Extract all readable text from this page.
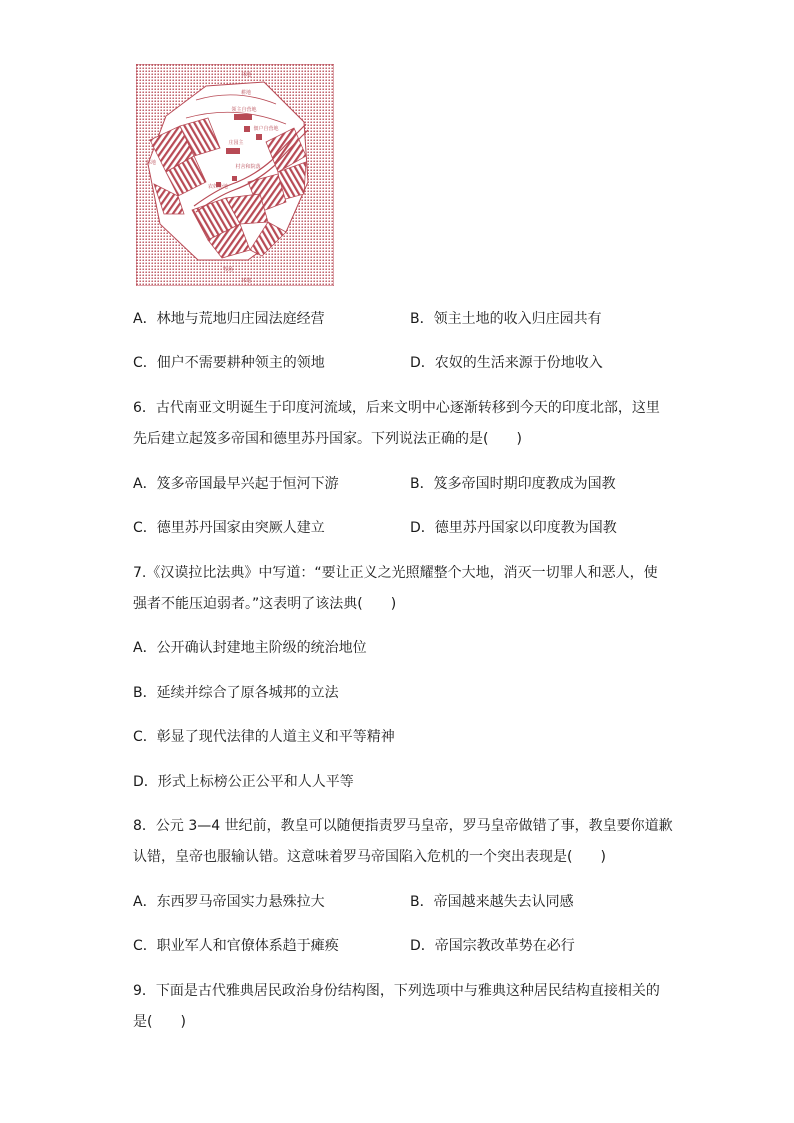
林地
耕地
领主自营地
佃户自营地
庄园主
村舍和院落
林地
农奴份地
牧场
林地
A．林地与荒地归庄园法庭经营	B．领主土地的收入归庄园共有
C．佃户不需要耕种领主的领地	D．农奴的生活来源于份地收入
6．古代南亚文明诞生于印度河流域，后来文明中心逐渐转移到今天的印度北部，这里
先后建立起笈多帝国和德里苏丹国家。下列说法正确的是(　　)
A．笈多帝国最早兴起于恒河下游	B．笈多帝国时期印度教成为国教
C．德里苏丹国家由突厥人建立	D．德里苏丹国家以印度教为国教
7.《汉谟拉比法典》中写道：“要让正义之光照耀整个大地，消灭一切罪人和恶人，使
强者不能压迫弱者。”这表明了该法典(　　)
A．公开确认封建地主阶级的统治地位
B．延续并综合了原各城邦的立法
C．彰显了现代法律的人道主义和平等精神
D．形式上标榜公正公平和人人平等
8．公元 3—4 世纪前，教皇可以随便指责罗马皇帝，罗马皇帝做错了事，教皇要你道歉
认错，皇帝也服输认错。这意味着罗马帝国陷入危机的一个突出表现是(　　)
A．东西罗马帝国实力悬殊拉大	B．帝国越来越失去认同感
C．职业军人和官僚体系趋于瘫痪	D．帝国宗教改革势在必行
9．下面是古代雅典居民政治身份结构图，下列选项中与雅典这种居民结构直接相关的
是(　　)
